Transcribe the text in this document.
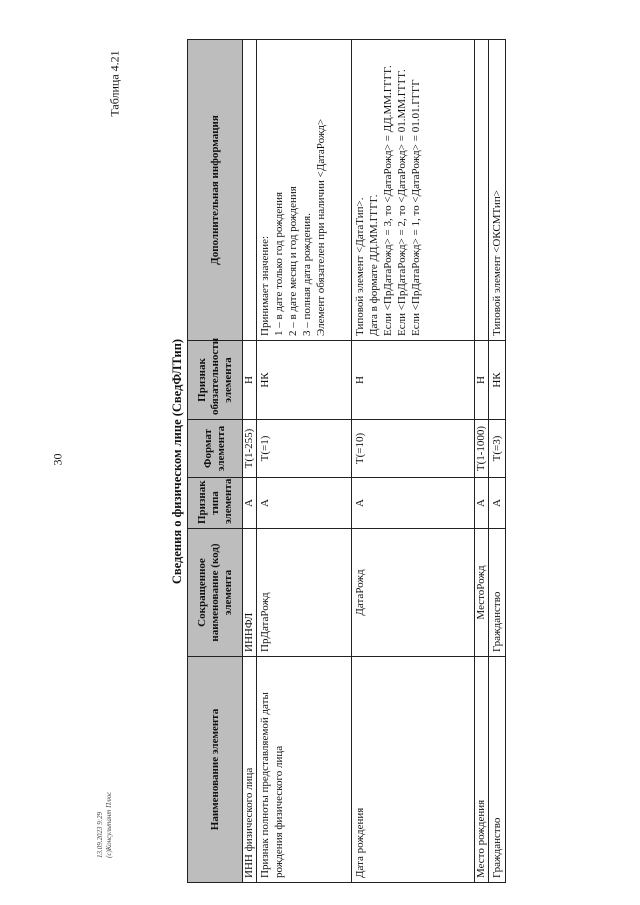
30
Таблица 4.21
13.09.2023 9:29 (c)Консультант Плюс
Сведения о физическом лице (СведФЛТип)
Наименование элемента	Сокращенное наименование (код) элемента	Признак типа элемента	Формат элемента	Признак обязательности элемента	Дополнительная информация
ИНН физического лица	ИННФЛ	А	Т(1-255)	Н	
Признак полноты представляемой даты рождения физического лица	ПрДатаРожд	А	Т(=1)	НК	Принимает значение: 1 – в дате только год рождения 2 – в дате месяц и год рождения 3 – полная дата рождения. Элемент обязателен при наличии <ДатаРожд>

Дата рождения	ДатаРожд	А	Т(=10)	Н	Типовой элемент <ДатаТип>. Дата в формате ДД.ММ.ГГГГ. Если <ПрДатаРожд> = 3, то <ДатаРожд> = ДД.ММ.ГГГГ. Если <ПрДатаРожд> = 2, то <ДатаРожд> = 01.ММ.ГГГГ. Если <ПрДатаРожд> = 1, то <ДатаРожд> = 01.01.ГГГГ

Место рождения	МестоРожд	А	Т(1-1000)	Н	
Гражданство	Гражданство	А	Т(=3)	НК	Типовой элемент <ОКСМТип>
